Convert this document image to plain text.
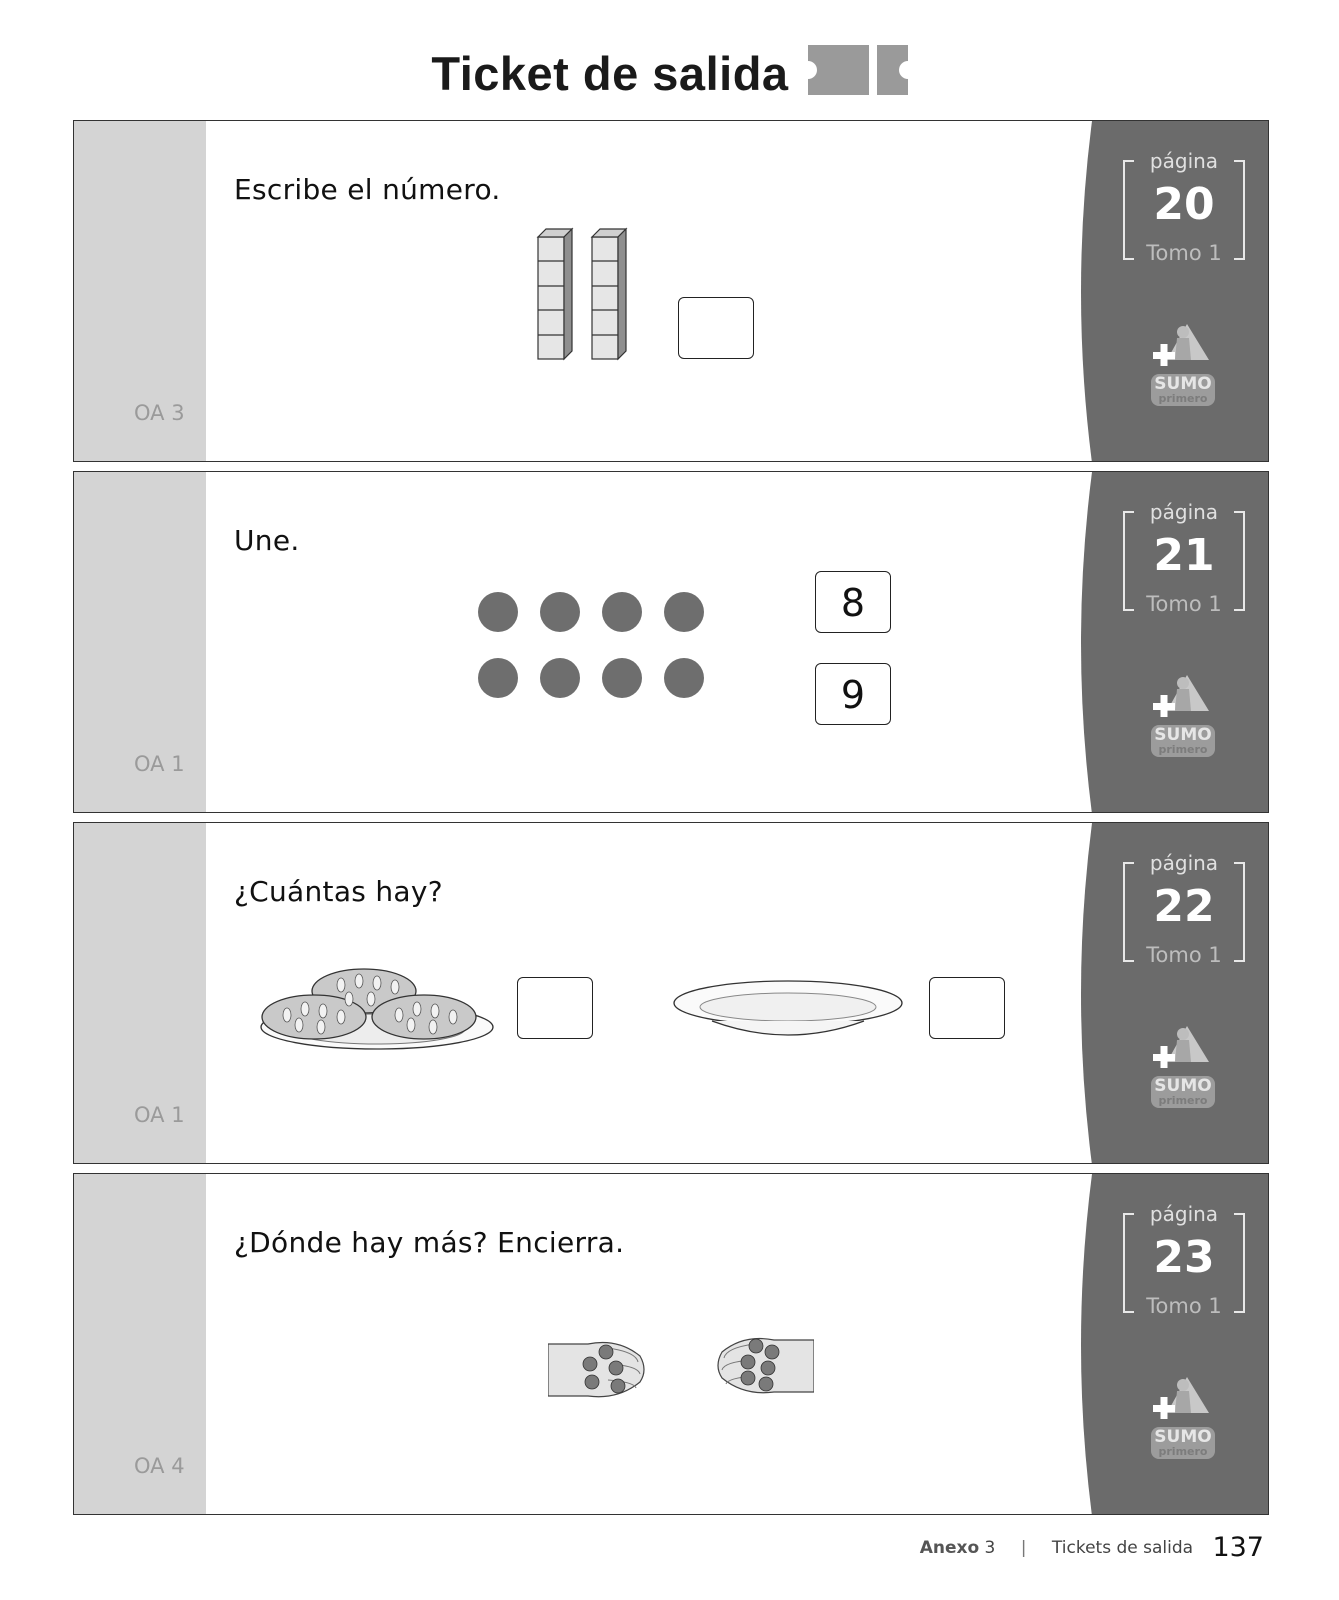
Ticket de salida
OA 3
Escribe el número.
página
20
Tomo 1
SUMO
primero
OA 1
Une.
8
9
página
21
Tomo 1
SUMO
primero
OA 1
¿Cuántas hay?
página
22
Tomo 1
SUMO
primero
OA 4
¿Dónde hay más? Encierra.
página
23
Tomo 1
SUMO
primero
Anexo 3 | Tickets de salida 137
